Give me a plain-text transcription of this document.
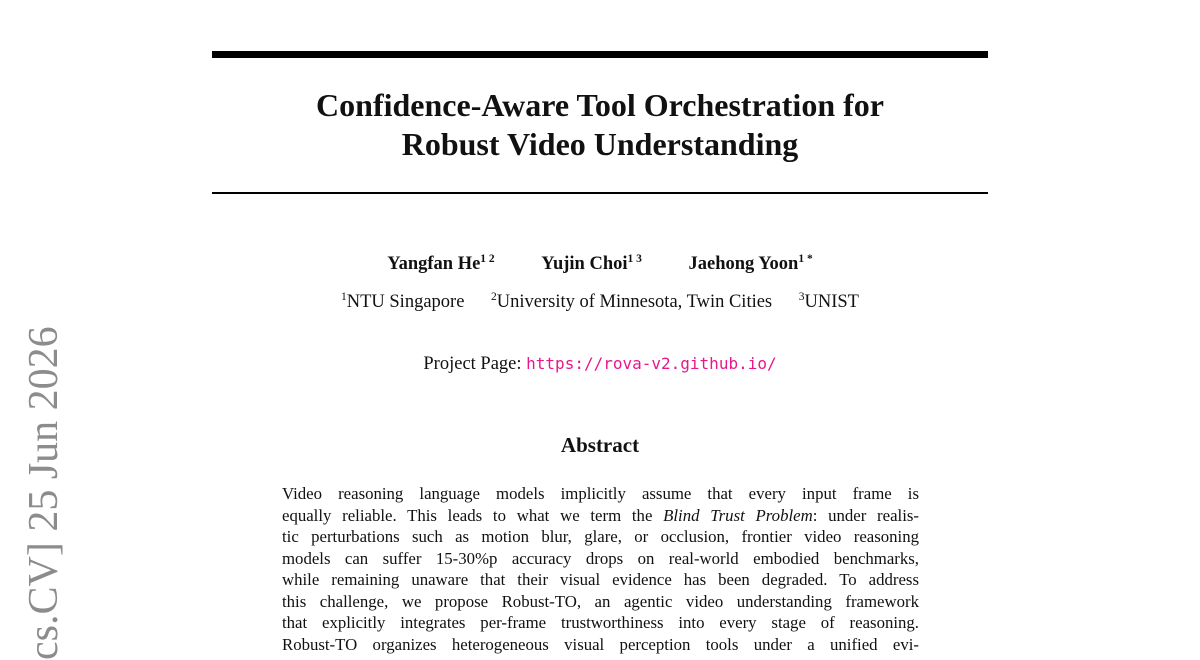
Confidence-Aware Tool Orchestration for
Robust Video Understanding
Yangfan $He^{1 2}$	Yujin Choi$^{1 3}$	Jaehong Yoon$^{1 *}$
$^1$NTU Singapore $^2$University of Minnesota, Twin Cities $^3$UNIST
Project Page: https://rova-v2.github.io/
Abstract
Video reasoning language models implicitly assume that every input frame is
equally reliable. This leads to what we term the Blind Trust Problem: under realis-
tic perturbations such as motion blur, glare, or occlusion, frontier video reasoning
models can suffer 15-30%p accuracy drops on real-world embodied benchmarks,
while remaining unaware that their visual evidence has been degraded. To address
this challenge, we propose Robust-TO, an agentic video understanding framework
that explicitly integrates per-frame trustworthiness into every stage of reasoning.
Robust-TO organizes heterogeneous visual perception tools under a unified evi-
cs.CV] 25 Jun 2026
